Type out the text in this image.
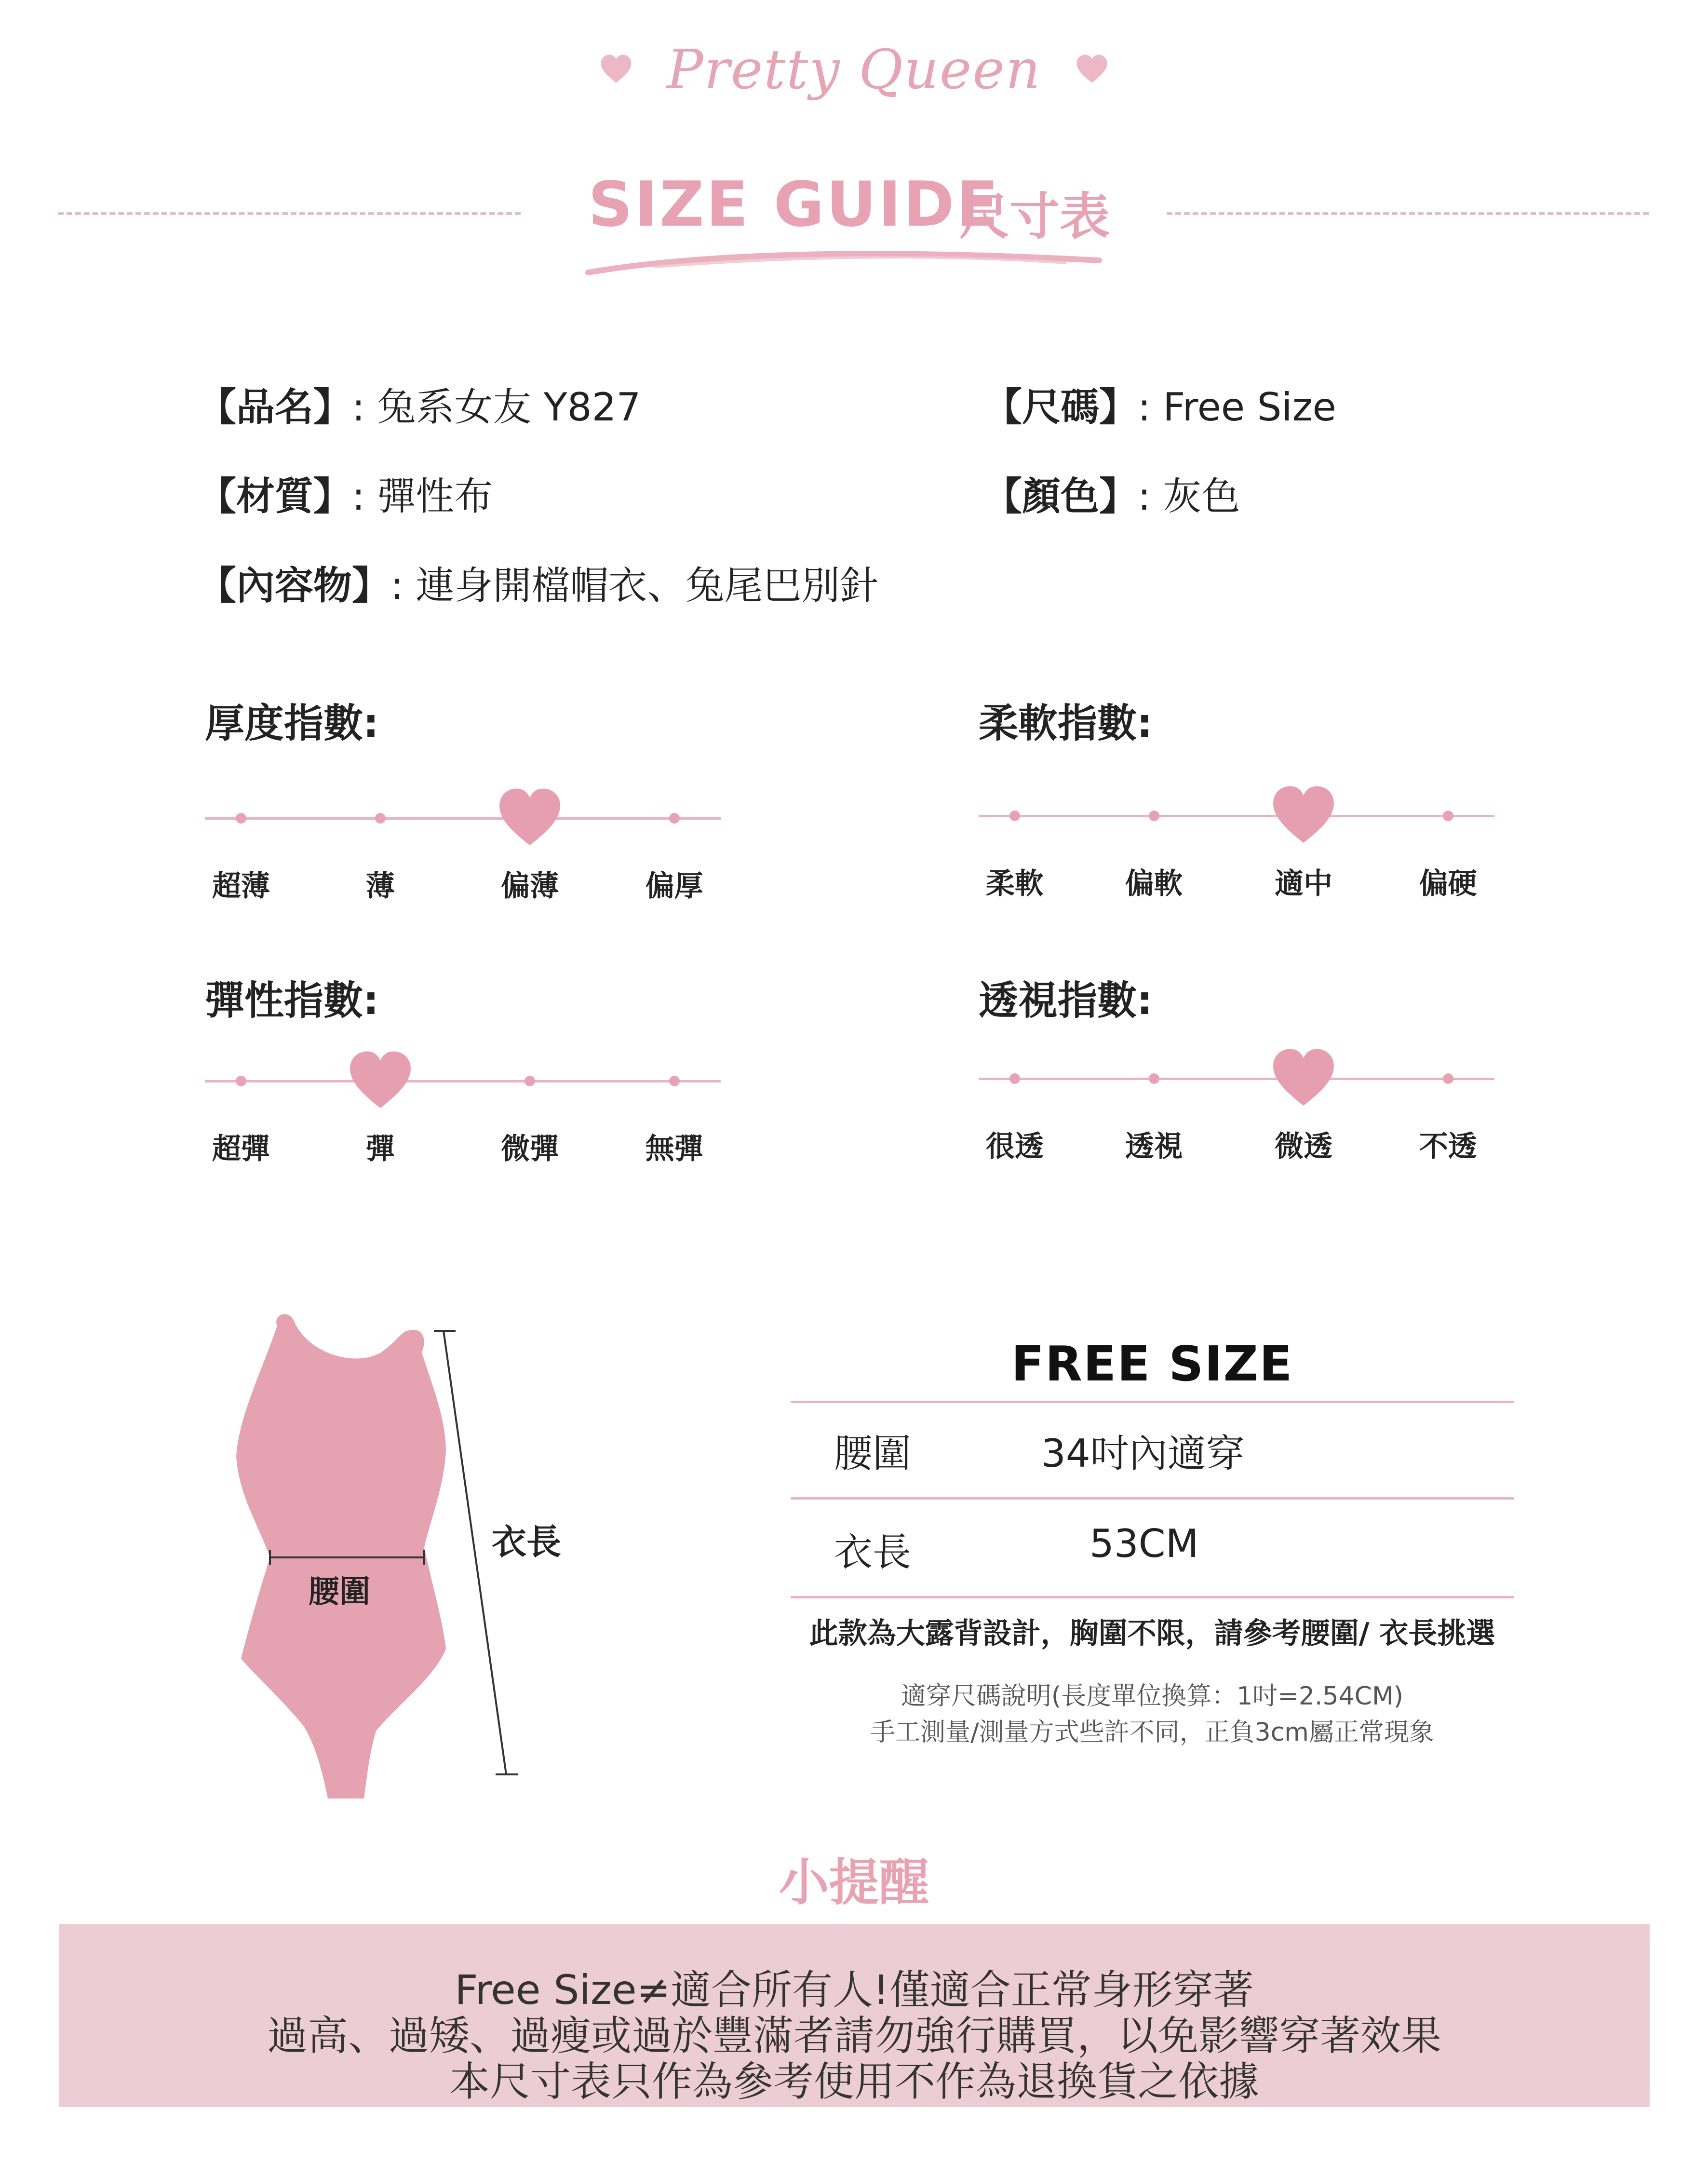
Pretty Queen
SIZE GUIDE
尺寸表
【品名】: 兔系女友 Y827	【尺碼】: Free Size
【材質】: 彈性布	【顏色】: 灰色
【內容物】: 連身開檔帽衣、兔尾巴別針
厚度指數:
超薄	薄	偏薄	偏厚
柔軟指數:
柔軟	偏軟	適中	偏硬
彈性指數:
超彈	彈	微彈	無彈
透視指數:
很透	透視	微透	不透
腰圍
衣長
FREE SIZE
腰圍	34吋內適穿
衣長	53CM
此款為大露背設計，胸圍不限，請參考腰圍/ 衣長挑選
適穿尺碼說明(長度單位換算：1吋=2.54CM)
手工測量/測量方式些許不同，正負3cm屬正常現象
小提醒
Free Size≠適合所有人!僅適合正常身形穿著
過高、過矮、過瘦或過於豐滿者請勿強行購買，以免影響穿著效果
本尺寸表只作為參考使用不作為退換貨之依據
